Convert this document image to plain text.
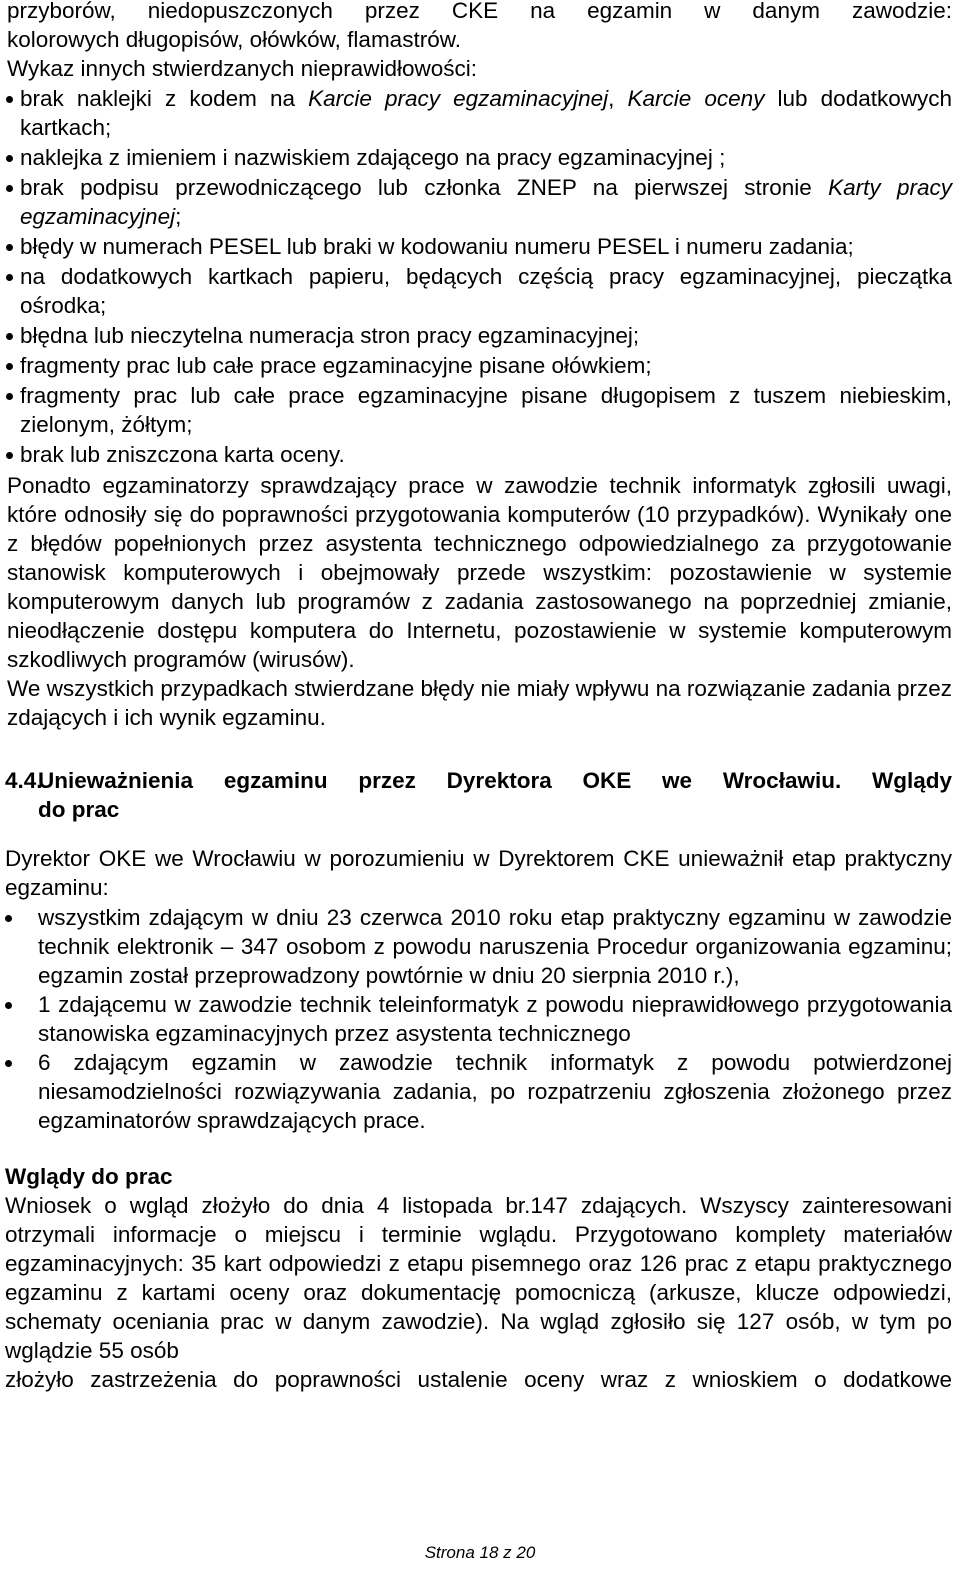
przyborów, niedopuszczonych przez CKE na egzamin w danym zawodzie:

kolorowych długopisów, ołówków, flamastrów.

Wykaz innych stwierdzanych nieprawidłowości:

brak naklejki z kodem na Karcie pracy egzaminacyjnej, Karcie oceny lub dodatkowych kartkach;
naklejka z imieniem i nazwiskiem zdającego na pracy egzaminacyjnej ;
brak podpisu przewodniczącego lub członka ZNEP na pierwszej stronie Karty pracy egzaminacyjnej;
błędy w numerach PESEL lub braki w kodowaniu numeru PESEL i numeru zadania;
na dodatkowych kartkach papieru, będących częścią pracy egzaminacyjnej, pieczątka ośrodka;
błędna lub nieczytelna numeracja stron pracy egzaminacyjnej;
fragmenty prac lub całe prace egzaminacyjne pisane ołówkiem;
fragmenty prac lub całe prace egzaminacyjne pisane długopisem z tuszem niebieskim, zielonym, żółtym;
brak lub zniszczona karta oceny.

Ponadto egzaminatorzy sprawdzający prace w zawodzie technik informatyk zgłosili uwagi, które odnosiły się do poprawności przygotowania komputerów (10 przypadków). Wynikały one z błędów popełnionych przez asystenta technicznego odpowiedzialnego za przygotowanie stanowisk komputerowych i obejmowały przede wszystkim: pozostawienie w systemie komputerowym danych lub programów z zadania zastosowanego na poprzedniej zmianie, nieodłączenie dostępu komputera do Internetu, pozostawienie w systemie komputerowym szkodliwych programów (wirusów).

We wszystkich przypadkach stwierdzane błędy nie miały wpływu na rozwiązanie zadania przez zdających i ich wynik egzaminu.

4.4.
Unieważnienia egzaminu przez Dyrektora OKE we Wrocławiu. Wglądy
do prac

Dyrektor OKE we Wrocławiu w porozumieniu w Dyrektorem CKE unieważnił etap praktyczny egzaminu:

wszystkim zdającym w dniu 23 czerwca 2010 roku etap praktyczny egzaminu w zawodzie technik elektronik – 347 osobom z powodu naruszenia Procedur organizowania egzaminu; egzamin został przeprowadzony powtórnie w dniu 20 sierpnia 2010 r.),
1 zdającemu w zawodzie technik teleinformatyk z powodu nieprawidłowego przygotowania stanowiska egzaminacyjnych przez asystenta technicznego
6 zdającym egzamin w zawodzie technik informatyk z powodu potwierdzonej niesamodzielności rozwiązywania zadania, po rozpatrzeniu zgłoszenia złożonego przez egzaminatorów sprawdzających prace.
Wglądy do prac

Wniosek o wgląd złożyło do dnia 4 listopada br.147 zdających. Wszyscy zainteresowani otrzymali informacje o miejscu i terminie wglądu. Przygotowano komplety materiałów egzaminacyjnych: 35 kart odpowiedzi z etapu pisemnego oraz 126 prac z etapu praktycznego egzaminu z kartami oceny oraz dokumentację pomocniczą (arkusze, klucze odpowiedzi, schematy oceniania prac w danym zawodzie). Na wgląd zgłosiło się 127 osób, w tym po wglądzie 55 osób

złożyło zastrzeżenia do poprawności ustalenie oceny wraz z wnioskiem o dodatkowe

Strona 18 z 20
